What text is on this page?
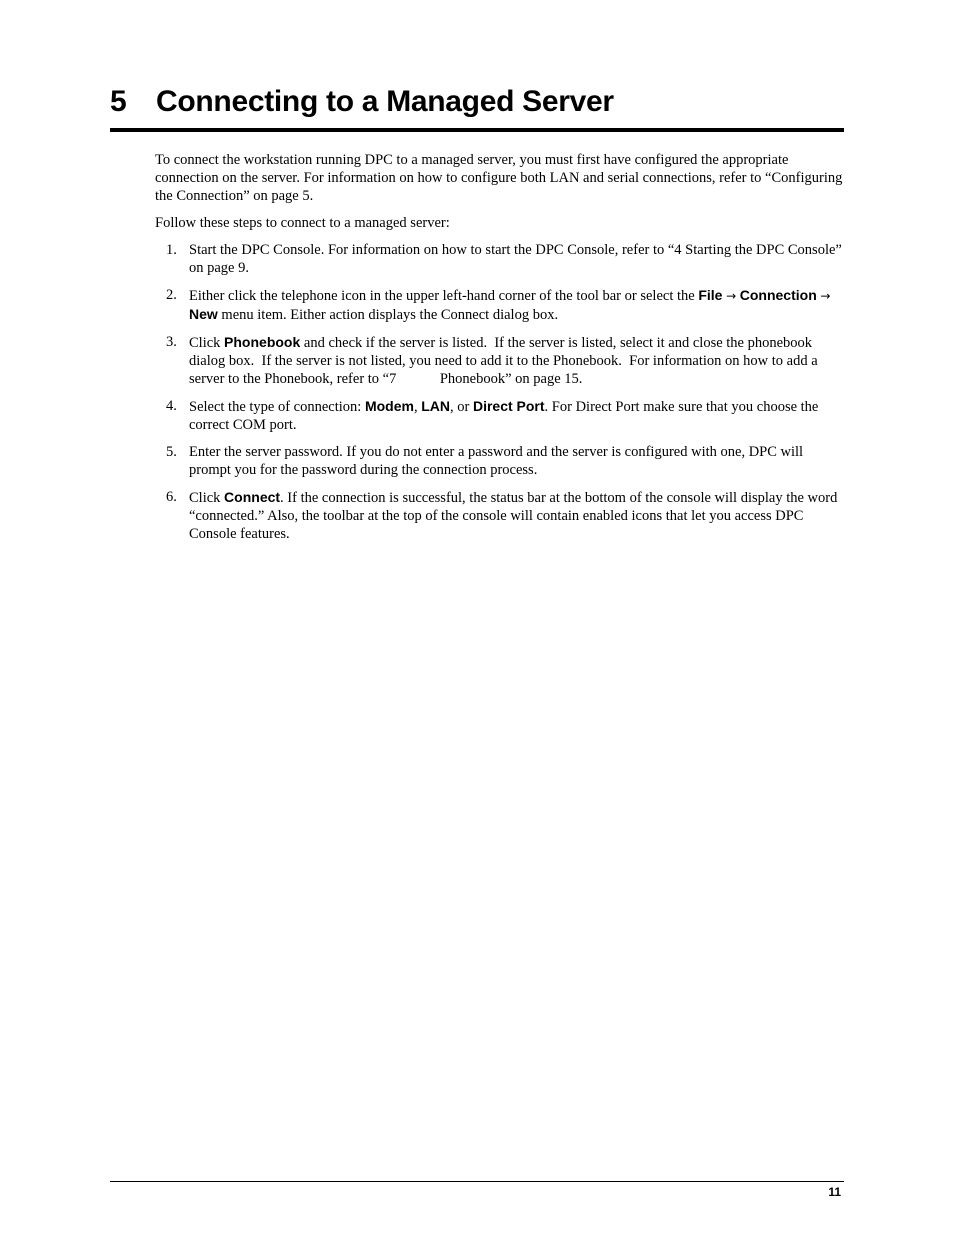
5 Connecting to a Managed Server

To connect the workstation running DPC to a managed server, you must first have configured the appropriate connection on the server. For information on how to configure both LAN and serial connections, refer to “Configuring the Connection” on page 5.

Follow these steps to connect to a managed server:

1. Start the DPC Console. For information on how to start the DPC Console, refer to “4 Starting the DPC Console” on page 9.
2. Either click the telephone icon in the upper left-hand corner of the tool bar or select the File → Connection → New menu item. Either action displays the Connect dialog box.
3. Click Phonebook and check if the server is listed.  If the server is listed, select it and close the phonebook dialog box.  If the server is not listed, you need to add it to the Phonebook.  For information on how to add a server to the Phonebook, refer to “7            Phonebook” on page 15.
4. Select the type of connection: Modem, LAN, or Direct Port. For Direct Port make sure that you choose the correct COM port.
5. Enter the server password. If you do not enter a password and the server is configured with one, DPC will prompt you for the password during the connection process.
6. Click Connect. If the connection is successful, the status bar at the bottom of the console will display the word “connected.” Also, the toolbar at the top of the console will contain enabled icons that let you access DPC Console features.
11
